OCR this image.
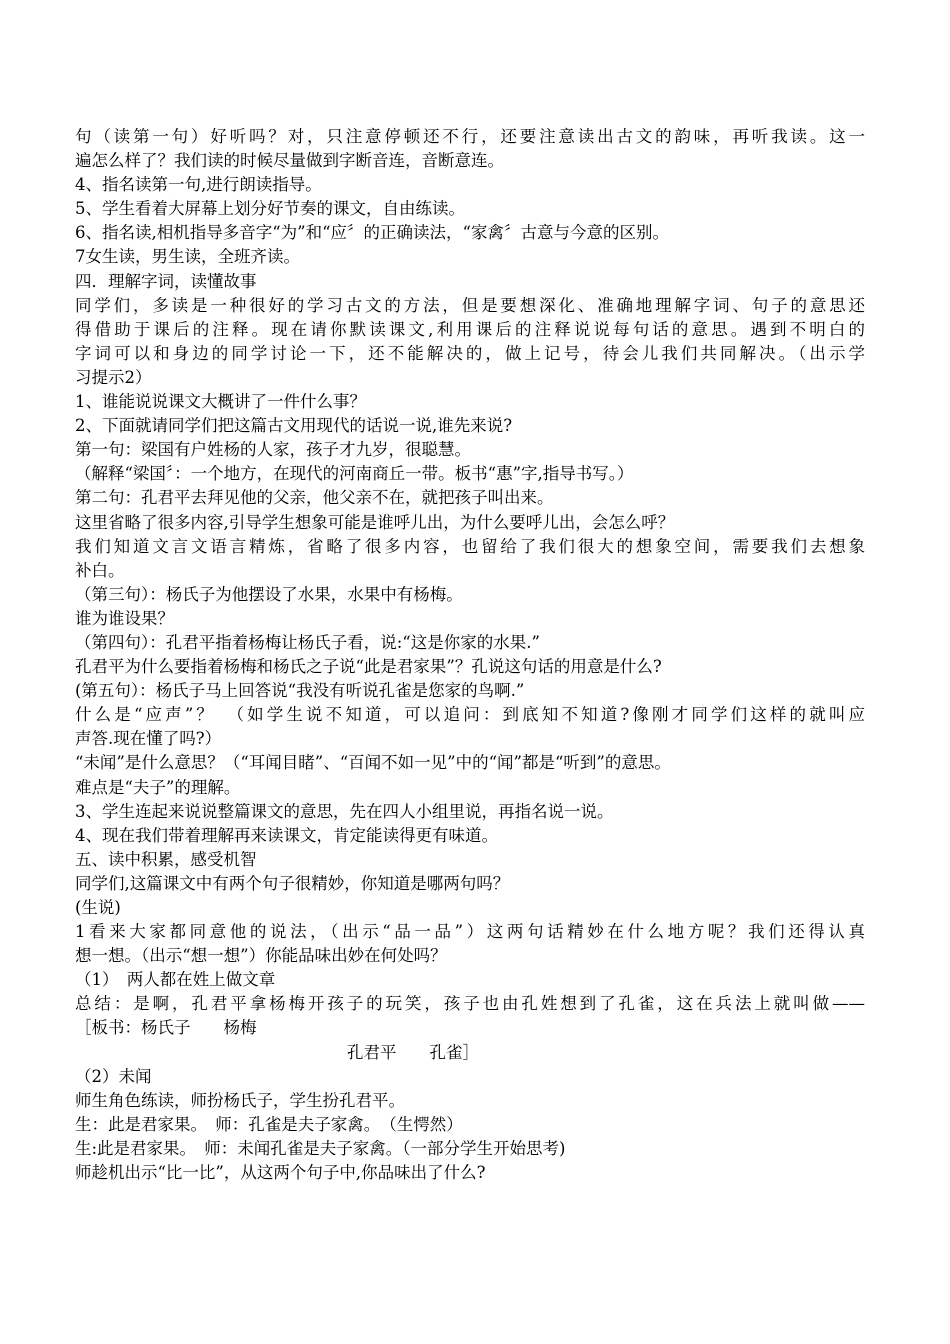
句（读第一句）好听吗？对，只注意停顿还不行，还要注意读出古文的韵味，再听我读。这一
遍怎么样了？我们读的时候尽量做到字断音连，音断意连。
4、指名读第一句,进行朗读指导。
5、学生看着大屏幕上划分好节奏的课文，自由练读。
6、指名读,相机指导多音字“为”和“应〞的正确读法，“家禽〞古意与今意的区别。
7女生读，男生读，全班齐读。
四．理解字词，读懂故事
同学们，多读是一种很好的学习古文的方法，但是要想深化、准确地理解字词、句子的意思还
得借助于课后的注释。现在请你默读课文,利用课后的注释说说每句话的意思。遇到不明白的
字词可以和身边的同学讨论一下，还不能解决的，做上记号，待会儿我们共同解决。（出示学
习提示2）
1、谁能说说课文大概讲了一件什么事？
2、下面就请同学们把这篇古文用现代的话说一说,谁先来说?
第一句：梁国有户姓杨的人家，孩子才九岁，很聪慧。
（解释“梁国〞：一个地方，在现代的河南商丘一带。板书“惠”字,指导书写。）
第二句：孔君平去拜见他的父亲，他父亲不在，就把孩子叫出来。
这里省略了很多内容,引导学生想象可能是谁呼儿出，为什么要呼儿出，会怎么呼？
我们知道文言文语言精炼，省略了很多内容，也留给了我们很大的想象空间，需要我们去想象
补白。
（第三句）：杨氏子为他摆设了水果，水果中有杨梅。
谁为谁设果？
（第四句）：孔君平指着杨梅让杨氏子看，说:“这是你家的水果.”
孔君平为什么要指着杨梅和杨氏之子说“此是君家果”？孔说这句话的用意是什么?
(第五句）：杨氏子马上回答说“我没有听说孔雀是您家的鸟啊.”
什么是“应声”？　（如学生说不知道，可以追问：到底知不知道?像刚才同学们这样的就叫应
声答.现在懂了吗?）
“未闻”是什么意思？（“耳闻目睹”、“百闻不如一见”中的“闻”都是“听到”的意思。
难点是“夫子”的理解。
3、学生连起来说说整篇课文的意思，先在四人小组里说，再指名说一说。
4、现在我们带着理解再来读课文，肯定能读得更有味道。
五、读中积累，感受机智
同学们,这篇课文中有两个句子很精妙，你知道是哪两句吗？
(生说)
1看来大家都同意他的说法，（出示“品一品”）这两句话精妙在什么地方呢？我们还得认真
想一想。（出示“想一想”）你能品味出妙在何处吗？
（1）　两人都在姓上做文章
总结：是啊，孔君平拿杨梅开孩子的玩笑，孩子也由孔姓想到了孔雀，这在兵法上就叫做——
［板书：杨氏子　　杨梅
孔君平　　孔雀］
（2）未闻
师生角色练读，师扮杨氏子，学生扮孔君平。
生：此是君家果。　师：孔雀是夫子家禽。　（生愕然）
生:此是君家果。　师：未闻孔雀是夫子家禽。（一部分学生开始思考)
师趁机出示“比一比”，从这两个句子中,你品味出了什么?
